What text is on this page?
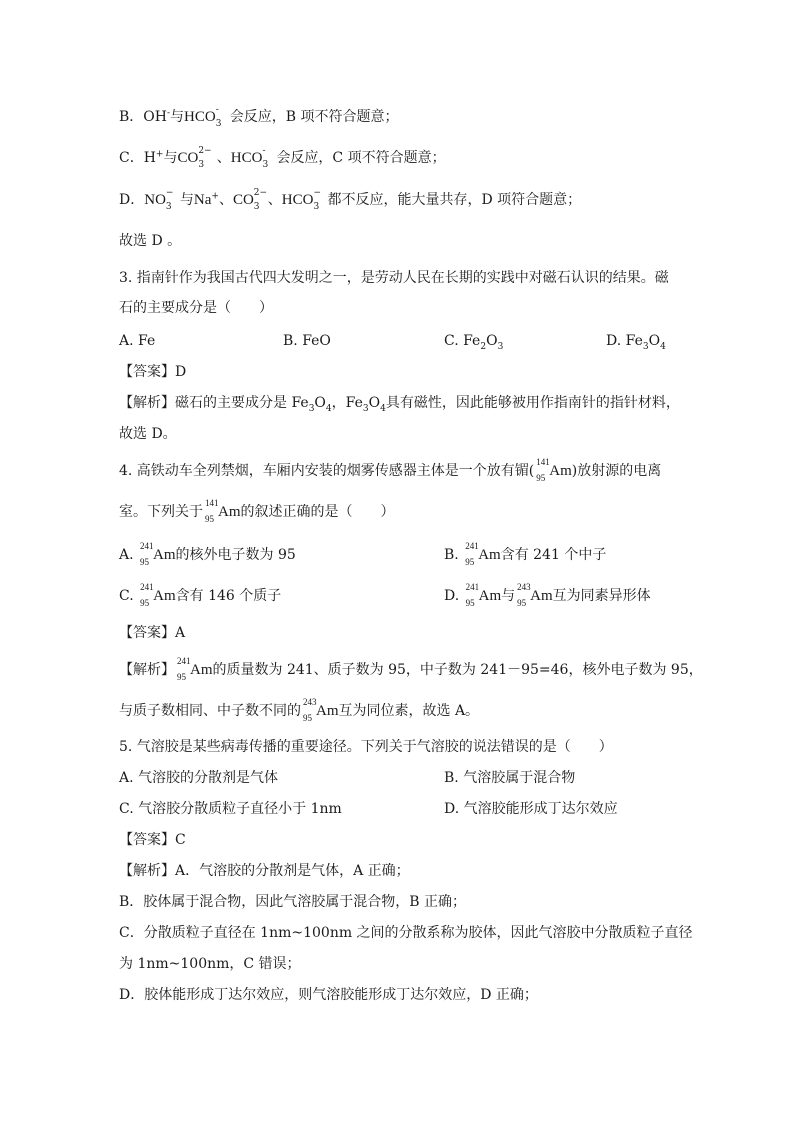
B．OH-与HCO -
3 会反应，B 项不符合题意；
C．H+与CO 2−
3 、HCO -
3 会反应，C 项不符合题意；
D．NO −
3 与Na+、CO 2−
3 、HCO −
3 都不反应，能大量共存，D 项符合题意；
故选 D 。
3. 指南针作为我国古代四大发明之一，是劳动人民在长期的实践中对磁石认识的结果。磁
石的主要成分是（　　）
A. Fe	B. FeO	C. $Fe_2O_3$	D. $Fe_3O_4$
【答案】D
【解析】磁石的主要成分是 $Fe_3O_4$，$Fe_3O_4$具有磁性，因此能够被用作指南针的指针材料，
故选 D。
4. 高铁动车全列禁烟，车厢内安装的烟雾传感器主体是一个放有镅(
141
95 Am)放射源的电离
室。下列关于
141
95 Am的叙述正确的是（　　）
A.
241
95 Am的核外电子数为 95	B.
241
95 Am含有 241 个中子
C.
241
95 Am含有 146 个质子	D.
241
95 Am与
243
95 Am互为同素异形体
【答案】A
【解析】
241
95 Am的质量数为 241、质子数为 95，中子数为 241－95=46，核外电子数为 95，
与质子数相同、中子数不同的
243
95 Am互为同位素，故选 A。
5. 气溶胶是某些病毒传播的重要途径。下列关于气溶胶的说法错误的是（　　）
A. 气溶胶的分散剂是气体	B. 气溶胶属于混合物
C. 气溶胶分散质粒子直径小于 1nm	D. 气溶胶能形成丁达尔效应
【答案】C
【解析】A．气溶胶的分散剂是气体，A 正确；
B．胶体属于混合物，因此气溶胶属于混合物，B 正确；
C．分散质粒子直径在 1nm~100nm 之间的分散系称为胶体，因此气溶胶中分散质粒子直径
为 1nm~100nm，C 错误；
D．胶体能形成丁达尔效应，则气溶胶能形成丁达尔效应，D 正确；
